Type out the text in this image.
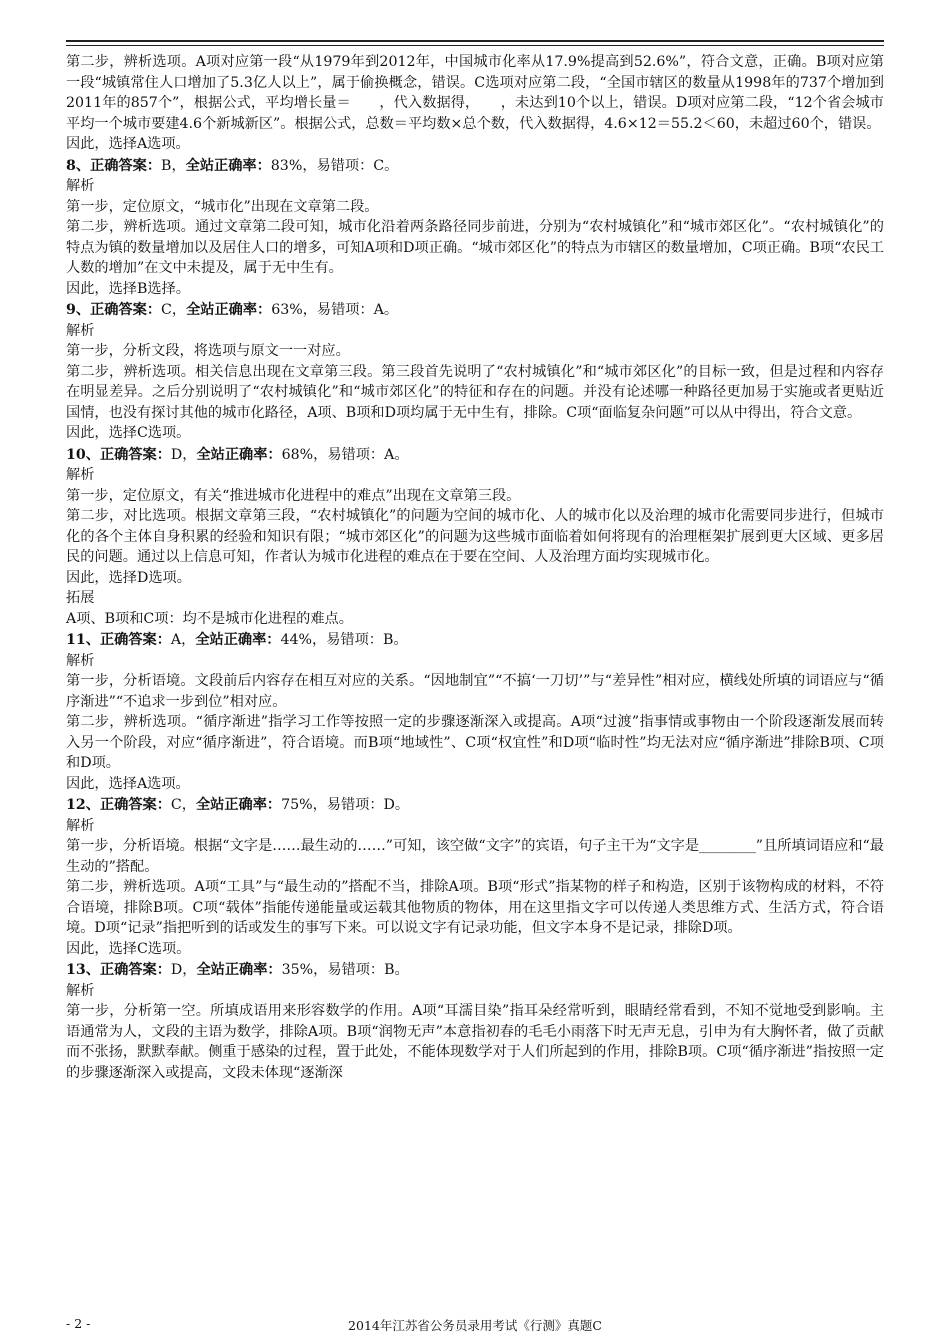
第二步，辨析选项。A项对应第一段“从1979年到2012年，中国城市化率从17.9%提高到52.6%”，符合文意，正确。B项对应第一段“城镇常住人口增加了5.3亿人以上”，属于偷换概念，错误。C选项对应第二段，“全国市辖区的数量从1998年的737个增加到2011年的857个”，根据公式，平均增长量＝　　，代入数据得，　　，未达到10个以上，错误。D项对应第二段，“12个省会城市平均一个城市要建4.6个新城新区”。根据公式，总数＝平均数×总个数，代入数据得，4.6×12＝55.2＜60，未超过60个，错误。

因此，选择A选项。

8、正确答案：B，全站正确率：83%，易错项：C。

解析

第一步，定位原文，“城市化”出现在文章第二段。

第二步，辨析选项。通过文章第二段可知，城市化沿着两条路径同步前进，分别为“农村城镇化”和“城市郊区化”。“农村城镇化”的特点为镇的数量增加以及居住人口的增多，可知A项和D项正确。“城市郊区化”的特点为市辖区的数量增加，C项正确。B项“农民工人数的增加”在文中未提及，属于无中生有。

因此，选择B选择。

9、正确答案：C，全站正确率：63%，易错项：A。

解析

第一步，分析文段，将选项与原文一一对应。

第二步，辨析选项。相关信息出现在文章第三段。第三段首先说明了“农村城镇化”和“城市郊区化”的目标一致，但是过程和内容存在明显差异。之后分别说明了“农村城镇化”和“城市郊区化”的特征和存在的问题。并没有论述哪一种路径更加易于实施或者更贴近国情，也没有探讨其他的城市化路径，A项、B项和D项均属于无中生有，排除。C项“面临复杂问题”可以从中得出，符合文意。

因此，选择C选项。

10、正确答案：D，全站正确率：68%，易错项：A。

解析

第一步，定位原文，有关“推进城市化进程中的难点”出现在文章第三段。

第二步，对比选项。根据文章第三段，“农村城镇化”的问题为空间的城市化、人的城市化以及治理的城市化需要同步进行，但城市化的各个主体自身积累的经验和知识有限；“城市郊区化”的问题为这些城市面临着如何将现有的治理框架扩展到更大区域、更多居民的问题。通过以上信息可知，作者认为城市化进程的难点在于要在空间、人及治理方面均实现城市化。

因此，选择D选项。

拓展

A项、B项和C项：均不是城市化进程的难点。

11、正确答案：A，全站正确率：44%，易错项：B。

解析

第一步，分析语境。文段前后内容存在相互对应的关系。“因地制宜”“不搞‘一刀切’”与“差异性”相对应，横线处所填的词语应与“循序渐进”“不追求一步到位”相对应。

第二步，辨析选项。“循序渐进”指学习工作等按照一定的步骤逐渐深入或提高。A项“过渡”指事情或事物由一个阶段逐渐发展而转入另一个阶段，对应“循序渐进”，符合语境。而B项“地域性”、C项“权宜性”和D项“临时性”均无法对应“循序渐进”排除B项、C项和D项。

因此，选择A选项。

12、正确答案：C，全站正确率：75%，易错项：D。

解析

第一步，分析语境。根据“文字是……最生动的……”可知，该空做“文字”的宾语，句子主干为“文字是________”且所填词语应和“最生动的”搭配。

第二步，辨析选项。A项“工具”与“最生动的”搭配不当，排除A项。B项“形式”指某物的样子和构造，区别于该物构成的材料，不符合语境，排除B项。C项“载体”指能传递能量或运载其他物质的物体，用在这里指文字可以传递人类思维方式、生活方式，符合语境。D项“记录”指把听到的话或发生的事写下来。可以说文字有记录功能，但文字本身不是记录，排除D项。

因此，选择C选项。

13、正确答案：D，全站正确率：35%，易错项：B。

解析

第一步，分析第一空。所填成语用来形容数学的作用。A项“耳濡目染”指耳朵经常听到，眼睛经常看到，不知不觉地受到影响。主语通常为人，文段的主语为数学，排除A项。B项“润物无声”本意指初春的毛毛小雨落下时无声无息，引申为有大胸怀者，做了贡献而不张扬，默默奉献。侧重于感染的过程，置于此处，不能体现数学对于人们所起到的作用，排除B项。C项“循序渐进”指按照一定的步骤逐渐深入或提高，文段未体现“逐渐深

- 2 -	2014年江苏省公务员录用考试《行测》真题C
